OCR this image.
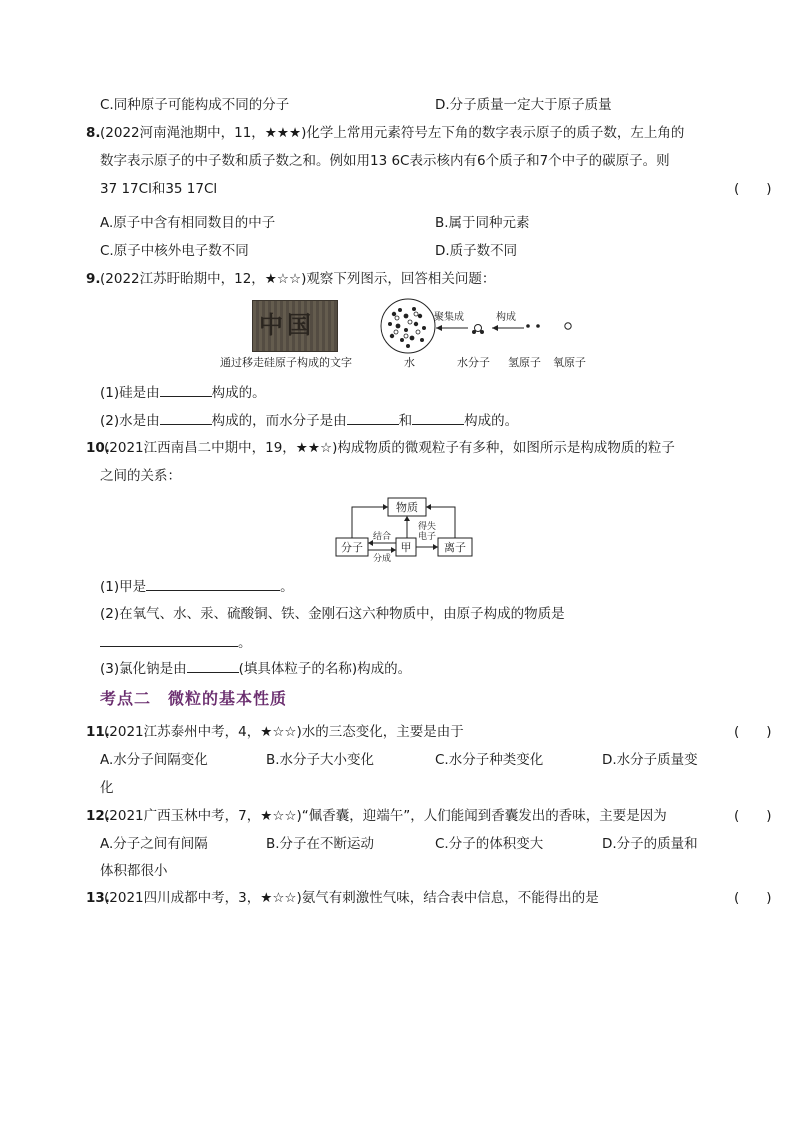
C.同种原子可能构成不同的分子	D.分子质量一定大于原子质量
8. (2022河南渑池期中，11，★★★)化学上常用元素符号左下角的数字表示原子的质子数，左上角的
数字表示原子的中子数和质子数之和。例如用13 6C表示核内有6个质子和7个中子的碳原子。则
37 17Cl和35 17Cl	(　　)
A.原子中含有相同数目的中子	B.属于同种元素
C.原子中核外电子数不同	D.质子数不同
9. (2022江苏盱眙期中，12，★☆☆)观察下列图示，回答相关问题：
中国
通过移走硅原子构成的文字
聚集成	构成
水	水分子 氢原子 氧原子
(1)硅是由	构成的。
(2)水是由	构成的，而水分子是由	和	构成的。
10.
(2021江西南昌二中期中，19，★★☆)构成物质的微观粒子有多种，如图所示是构成物质的粒子
之间的关系：
物质
分子	甲	离子
结合
分成
得失
电子
(1)甲是	。
(2)在氧气、水、汞、硫酸铜、铁、金刚石这六种物质中，由原子构成的物质是
。
(3)氯化钠是由	(填具体粒子的名称)构成的。
考点二　微粒的基本性质
11.
(2021江苏泰州中考，4，★☆☆)水的三态变化，主要是由于	(　　)
A.水分子间隔变化	B.水分子大小变化	C.水分子种类变化	D.水分子质量变
化
12.
(2021广西玉林中考，7，★☆☆)“佩香囊，迎端午”，人们能闻到香囊发出的香味，主要是因为	(　　)
A.分子之间有间隔	B.分子在不断运动	C.分子的体积变大	D.分子的质量和
体积都很小
13.
(2021四川成都中考，3，★☆☆)氨气有刺激性气味，结合表中信息，不能得出的是	(　　)
